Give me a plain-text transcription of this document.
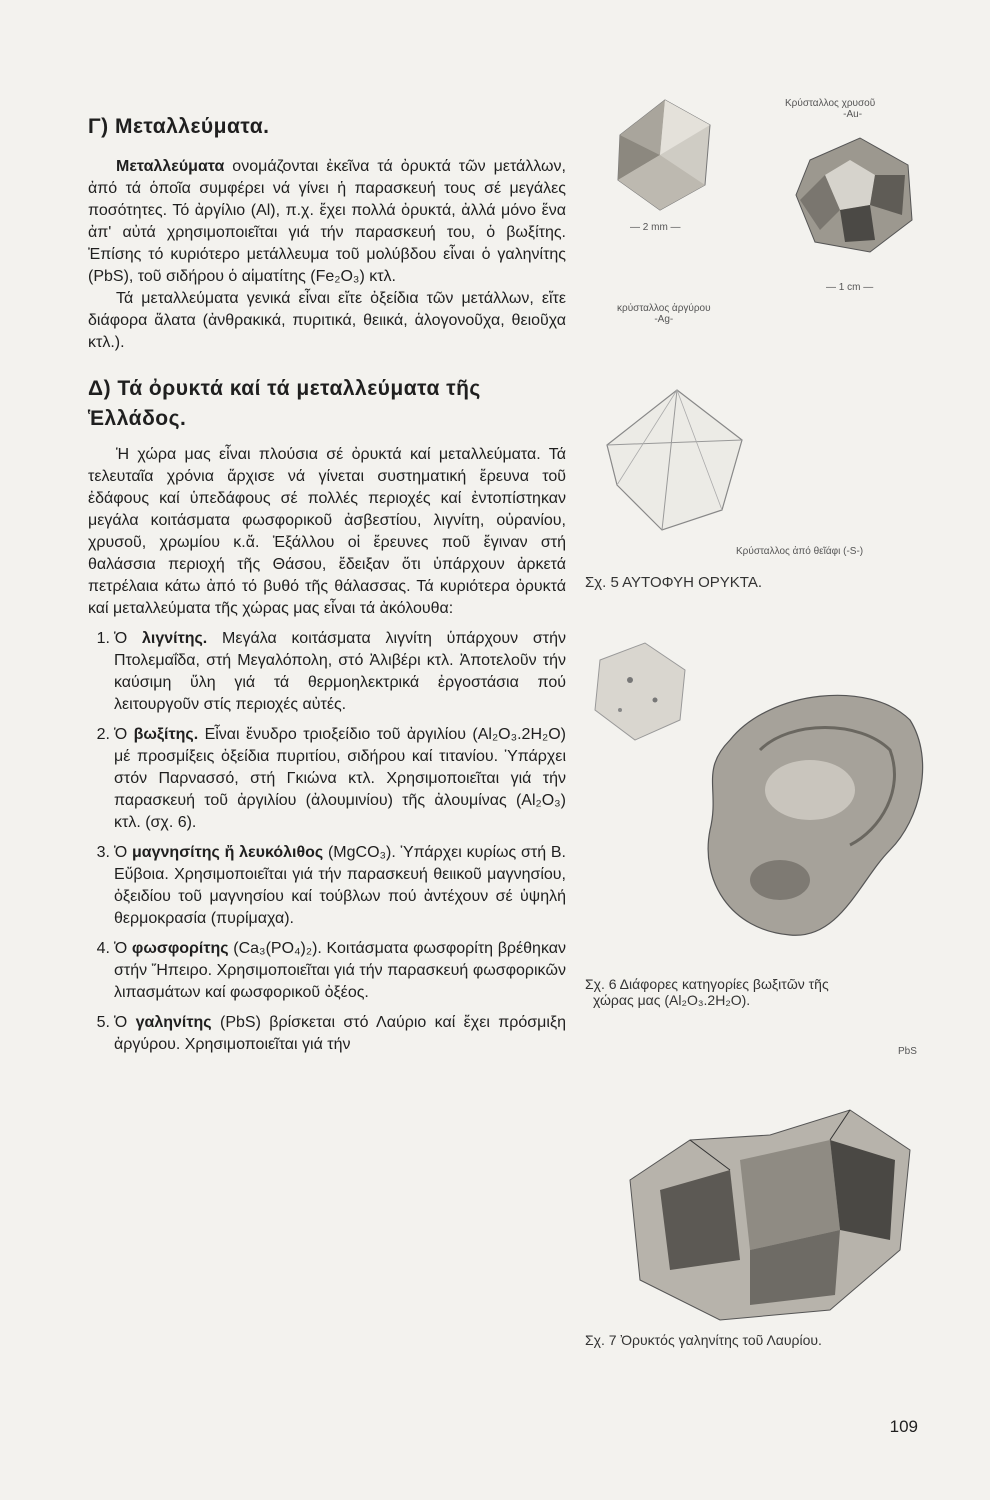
Γ) Μεταλλεύματα.

Μεταλλεύματα ονομάζονται ἐκεῖνα τά ὀρυκτά τῶν μετάλλων, ἀπό τά ὁποῖα συμφέρει νά γίνει ἡ παρασκευή τους σέ μεγάλες ποσότητες. Τό ἀργίλιο (Al), π.χ. ἔχει πολλά ὀρυκτά, ἀλλά μόνο ἕνα ἀπ' αὐτά χρησιμοποιεῖται γιά τήν παρασκευή του, ὁ βωξίτης. Ἐπίσης τό κυριότερο μετάλλευμα τοῦ μολύβδου εἶναι ὁ γαληνίτης (PbS), τοῦ σιδήρου ὁ αἱματίτης (Fe₂O₃) κτλ.

Τά μεταλλεύματα γενικά εἶναι εἴτε ὀξείδια τῶν μετάλλων, εἴτε διάφορα ἅλατα (ἀνθρακικά, πυριτικά, θειικά, ἁλογονοῦχα, θειοῦχα κτλ.).

Δ) Τά ὀρυκτά καί τά μεταλλεύματα τῆς Ἑλλάδος.

Ἡ χώρα μας εἶναι πλούσια σέ ὀρυκτά καί μεταλλεύματα. Τά τελευταῖα χρόνια ἄρχισε νά γίνεται συστηματική ἔρευνα τοῦ ἐδάφους καί ὑπεδάφους σέ πολλές περιοχές καί ἐντοπίστηκαν μεγάλα κοιτάσματα φωσφορικοῦ ἀσβεστίου, λιγνίτη, οὐρανίου, χρυσοῦ, χρωμίου κ.ἄ. Ἐξάλλου οἱ ἔρευνες ποῦ ἔγιναν στή θαλάσσια περιοχή τῆς Θάσου, ἔδειξαν ὅτι ὑπάρχουν ἀρκετά πετρέλαια κάτω ἀπό τό βυθό τῆς θάλασσας. Τά κυριότερα ὀρυκτά καί μεταλλεύματα τῆς χώρας μας εἶναι τά ἀκόλουθα:

1. Ὁ λιγνίτης. Μεγάλα κοιτάσματα λιγνίτη ὑπάρχουν στήν Πτολεμαΐδα, στή Μεγαλόπολη, στό Ἀλιβέρι κτλ. Ἀποτελοῦν τήν καύσιμη ὕλη γιά τά θερμοηλεκτρικά ἐργοστάσια πού λειτουργοῦν στίς περιοχές αὐτές.
2. Ὁ βωξίτης. Εἶναι ἔνυδρο τριοξείδιο τοῦ ἀργιλίου (Al₂O₃.2H₂O) μέ προσμίξεις ὀξείδια πυριτίου, σιδήρου καί τιτανίου. Ὑπάρχει στόν Παρνασσό, στή Γκιώνα κτλ. Χρησιμοποιεῖται γιά τήν παρασκευή τοῦ ἀργιλίου (ἀλουμινίου) τῆς ἀλουμίνας (Al₂O₃) κτλ. (σχ. 6).
3. Ὁ μαγνησίτης ἤ λευκόλιθος (MgCO₃). Ὑπάρχει κυρίως στή Β. Εὔβοια. Χρησιμοποιεῖται γιά τήν παρασκευή θειικοῦ μαγνησίου, ὀξειδίου τοῦ μαγνησίου καί τούβλων πού ἀντέχουν σέ ὑψηλή θερμοκρασία (πυρίμαχα).
4. Ὁ φωσφορίτης (Ca₃(PO₄)₂). Κοιτάσματα φωσφορίτη βρέθηκαν στήν Ἤπειρο. Χρησιμοποιεῖται γιά τήν παρασκευή φωσφορικῶν λιπασμάτων καί φωσφορικοῦ ὀξέος.
5. Ὁ γαληνίτης (PbS) βρίσκεται στό Λαύριο καί ἔχει πρόσμιξη ἀργύρου. Χρησιμοποιεῖται γιά τήν
Κρύσταλλος χρυσοῦ
-Au-
— 2 mm —
— 1 cm —
κρύσταλλος ἀργύρου
-Ag-
Κρύσταλλος ἀπό θεῖάφι (-S-)
Σχ. 5 ΑΥΤΟΦΥΗ ΟΡΥΚΤΑ.
Σχ. 6 Διάφορες κατηγορίες βωξιτῶν τῆς
χώρας μας (Al₂O₃.2H₂O).
PbS
Σχ. 7 Ὀρυκτός γαληνίτης τοῦ Λαυρίου.
109
